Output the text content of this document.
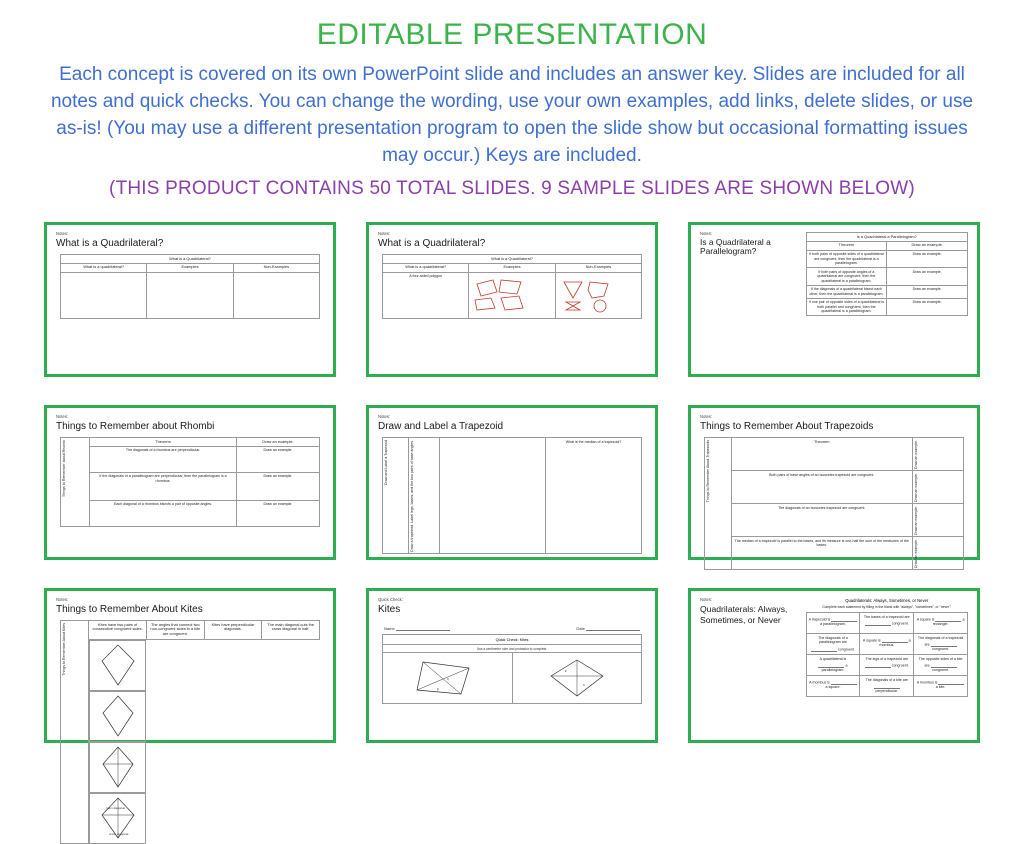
EDITABLE PRESENTATION

Each concept is covered on its own PowerPoint slide and includes an answer key. Slides are included for all notes and quick checks. You can change the wording, use your own examples, add links, delete slides, or use as-is! (You may use a different presentation program to open the slide show but occasional formatting issues may occur.) Keys are included.

(THIS PRODUCT CONTAINS 50 TOTAL SLIDES. 9 SAMPLE SLIDES ARE SHOWN BELOW)

Notes:
What is a Quadrilateral?
What is a Quadrilateral?		
What is a quadrilateral?	Examples	Non-Examples

Notes:
What is a Quadrilateral?
What is a Quadrilateral?		
What is a quadrilateral?	Examples	Non-Examples
A four-sided polygon	

Notes:
Is a Quadrilateral a Parallelogram?
Is a Quadrilateral a Parallelogram?	
Theorem	Draw an example.
If both pairs of opposite sides of a quadrilateral are congruent, then the quadrilateral is a parallelogram.	Draw an example.
If both pairs of opposite angles of a quadrilateral are congruent, then the quadrilateral is a parallelogram.	Draw an example.
If the diagonals of a quadrilateral bisect each other, then the quadrilateral is a parallelogram.	Draw an example.
If one pair of opposite sides of a quadrilateral is both parallel and congruent, then the quadrilateral is a parallelogram.	Draw an example.
Notes:
Things to Remember about Rhombi
Things to Remember about Rhombi	Theorem	Draw an example.
	The diagonals of a rhombus are perpendicular.	Draw an example.
	If the diagonals of a parallelogram are perpendicular, then the parallelogram is a rhombus.	Draw an example.
	Each diagonal of a rhombus bisects a pair of opposite angles.	Draw an example.
Notes:
Draw and Label a Trapezoid
Draw and Label a Trapezoid	Draw a trapezoid. Label legs, bases, and the two pairs of base angles.		What is the median of a trapezoid?
Notes:
Things to Remember About Trapezoids
Things to Remember About Trapezoids	Theorem	Draw an example.

	Both pairs of base angles of an isosceles trapezoid are congruent.	Draw an example.

	The diagonals of an isosceles trapezoid are congruent.	Draw an example.

	The median of a trapezoid is parallel to the bases, and its measure is one-half the sum of the measures of the bases.	Draw an example.
Notes:
Things to Remember About Kites
Things to Remember About Kites	Kites have two pairs of consecutive congruent sides.	The angles that connect two non-congruent sides in a kite are congruent.	Kites have perpendicular diagonals.	The main diagonal cuts the cross diagonal in half.

main diagonal
cross diagonal
Quick Check:
Kites
Name	Date
Quick Check: Kites
Use a centimeter ruler and protractor to complete.
x
y
z
x
Notes:
Quadrilaterals: Always, Sometimes, or Never
Quadrilaterals: Always, Sometimes, or Never
Complete each statement by filling in the blank with "always", "sometimes", or "never".
A trapezoid is  a parallelogram.	The bases of a trapezoid are  congruent.	A square is a rectangle.
The diagonals of a parallelogram are  congruent.	A square is a rhombus.	The diagonals of a trapezoid are  congruent.
A quadrilateral is  a parallelogram.	The legs of a trapezoid are  congruent.	The opposite sides of a kite are  congruent.
A rhombus is  a square.	The diagonals of a kite are  perpendicular.	A rhombus is  a kite.
